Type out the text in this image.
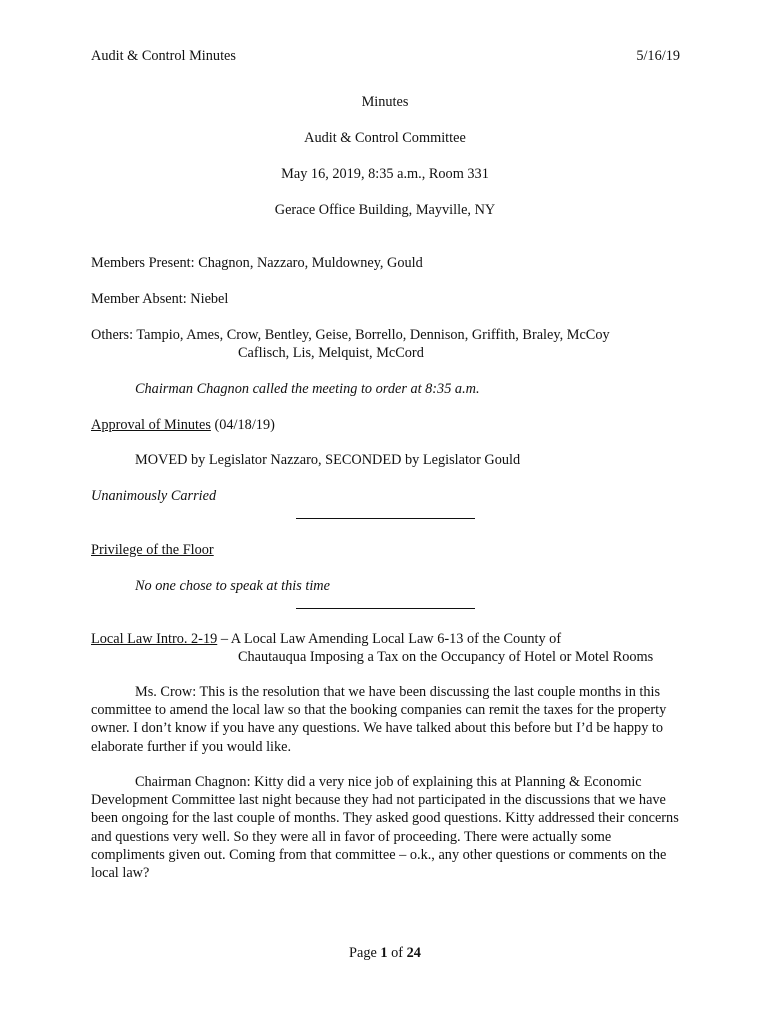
Audit & Control Minutes	5/16/19
Minutes
Audit & Control Committee
May 16, 2019, 8:35 a.m., Room 331
Gerace Office Building, Mayville, NY
Members Present: Chagnon, Nazzaro, Muldowney, Gould
Member Absent: Niebel
Others: Tampio, Ames, Crow, Bentley, Geise, Borrello, Dennison, Griffith, Braley, McCoy
Caflisch, Lis, Melquist, McCord
Chairman Chagnon called the meeting to order at 8:35 a.m.
Approval of Minutes (04/18/19)
MOVED by Legislator Nazzaro, SECONDED by Legislator Gould
Unanimously Carried
Privilege of the Floor
No one chose to speak at this time
Local Law Intro. 2-19 – A Local Law Amending Local Law 6-13 of the County of
Chautauqua Imposing a Tax on the Occupancy of Hotel or Motel Rooms
Ms. Crow: This is the resolution that we have been discussing the last couple months in this committee to amend the local law so that the booking companies can remit the taxes for the property owner. I don’t know if you have any questions. We have talked about this before but I’d be happy to elaborate further if you would like.
Chairman Chagnon: Kitty did a very nice job of explaining this at Planning & Economic Development Committee last night because they had not participated in the discussions that we have been ongoing for the last couple of months. They asked good questions. Kitty addressed their concerns and questions very well. So they were all in favor of proceeding. There were actually some compliments given out. Coming from that committee – o.k., any other questions or comments on the local law?
Page 1 of 24
